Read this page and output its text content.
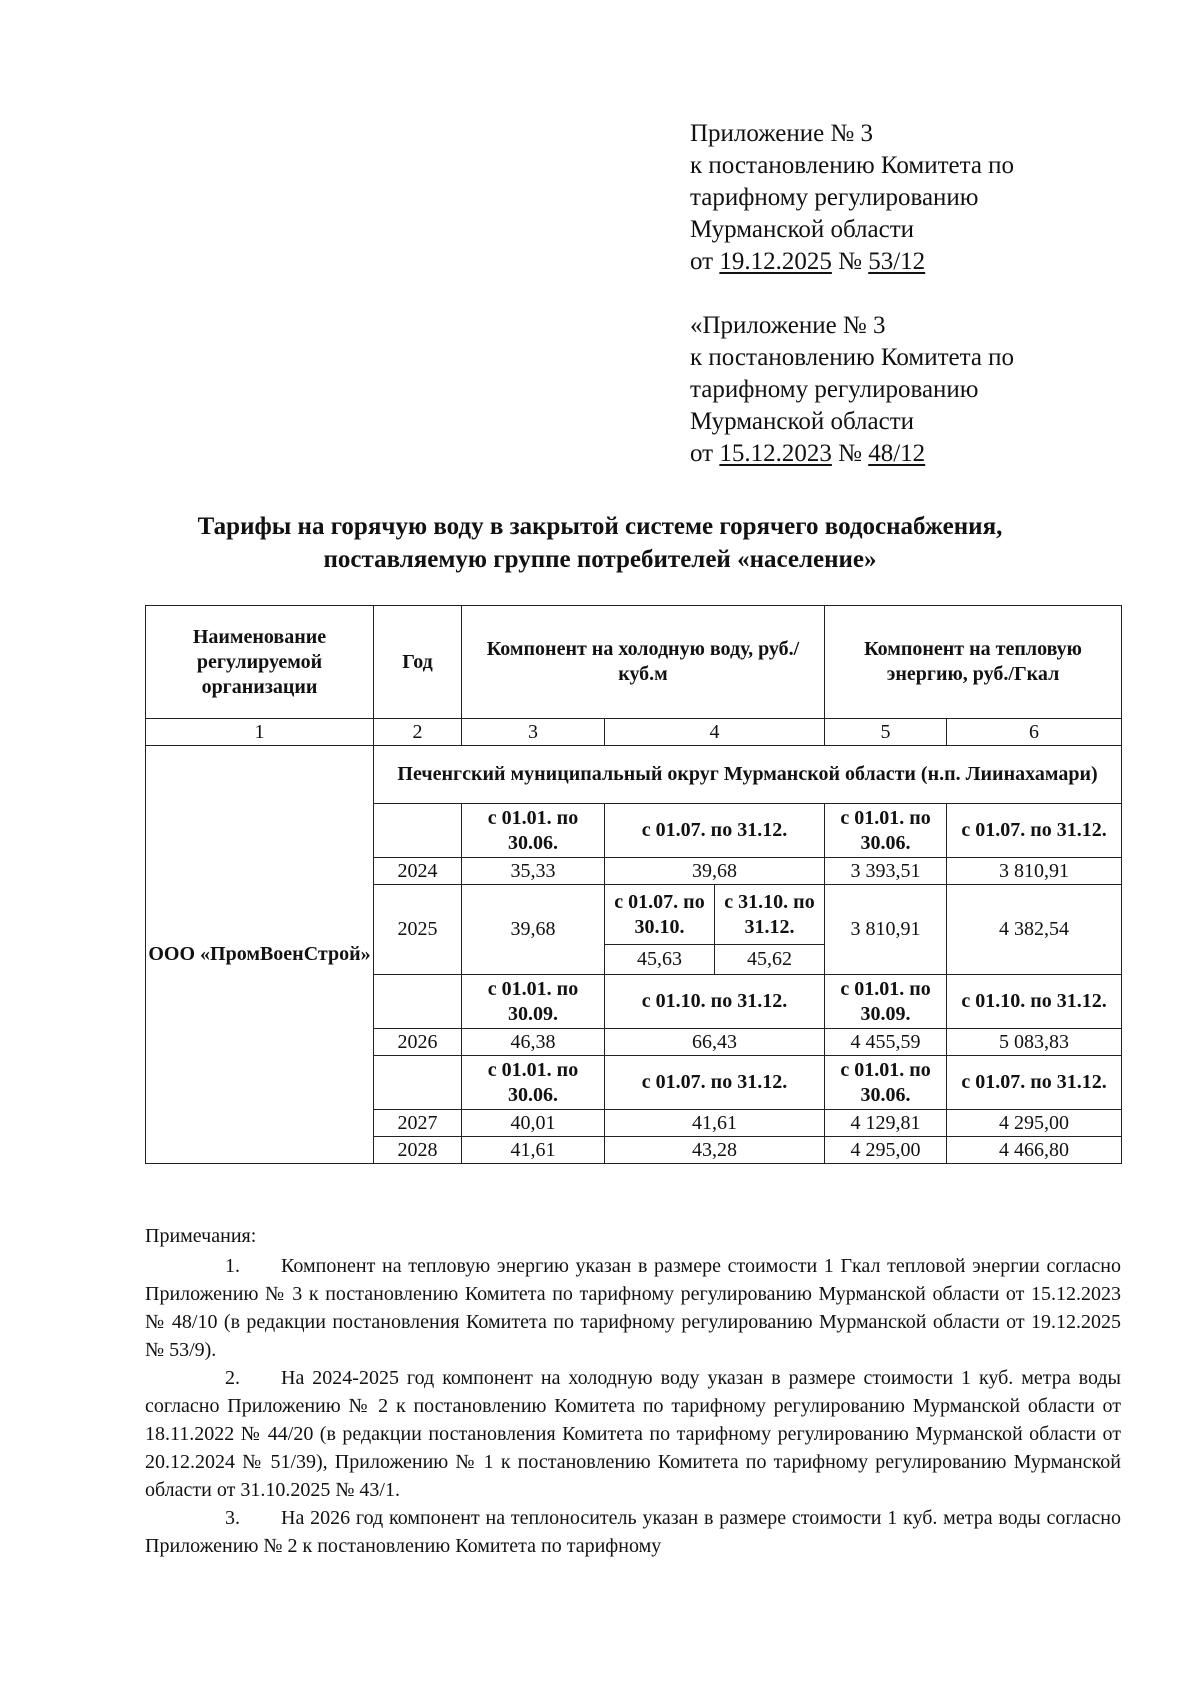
Приложение № 3
к постановлению Комитета по
тарифному регулированию
Мурманской области
от 19.12.2025 № 53/12
«Приложение № 3
к постановлению Комитета по
тарифному регулированию
Мурманской области
от 15.12.2023 № 48/12
Тарифы на горячую воду в закрытой системе горячего водоснабжения,
поставляемую группе потребителей «население»
Наименование регулируемой организации	Год	Компонент на холодную воду, руб./куб.м			Компонент на тепловую энергию, руб./Гкал	
1	2	3	4		5	6
ООО «ПромВоенСтрой»	Печенгский муниципальный округ Мурманской области (н.п. Лиинахамари)					
		с 01.01. по 30.06.	с 01.07. по 31.12.		с 01.01. по 30.06.	с 01.07. по 31.12.
	2024	35,33	39,68		3 393,51	3 810,91
	2025	39,68	с 01.07. по 30.10.	с 31.10. по 31.12.	3 810,91	4 382,54
			45,63	45,62		
		с 01.01. по 30.09.	с 01.10. по 31.12.		с 01.01. по 30.09.	с 01.10. по 31.12.
	2026	46,38	66,43		4 455,59	5 083,83
		с 01.01. по 30.06.	с 01.07. по 31.12.		с 01.01. по 30.06.	с 01.07. по 31.12.
	2027	40,01	41,61		4 129,81	4 295,00
	2028	41,61	43,28		4 295,00	4 466,80

Примечания:

1. Компонент на тепловую энергию указан в размере стоимости 1 Гкал тепловой энергии согласно Приложению № 3 к постановлению Комитета по тарифному регулированию Мурманской области от 15.12.2023 № 48/10 (в редакции постановления Комитета по тарифному регулированию Мурманской области от 19.12.2025 № 53/9).

2. На 2024-2025 год компонент на холодную воду указан в размере стоимости 1 куб. метра воды согласно Приложению № 2 к постановлению Комитета по тарифному регулированию Мурманской области от 18.11.2022 № 44/20 (в редакции постановления Комитета по тарифному регулированию Мурманской области от 20.12.2024 № 51/39), Приложению № 1 к постановлению Комитета по тарифному регулированию Мурманской области от 31.10.2025 № 43/1.

3. На 2026 год компонент на теплоноситель указан в размере стоимости 1 куб. метра воды согласно Приложению № 2 к постановлению Комитета по тарифному
